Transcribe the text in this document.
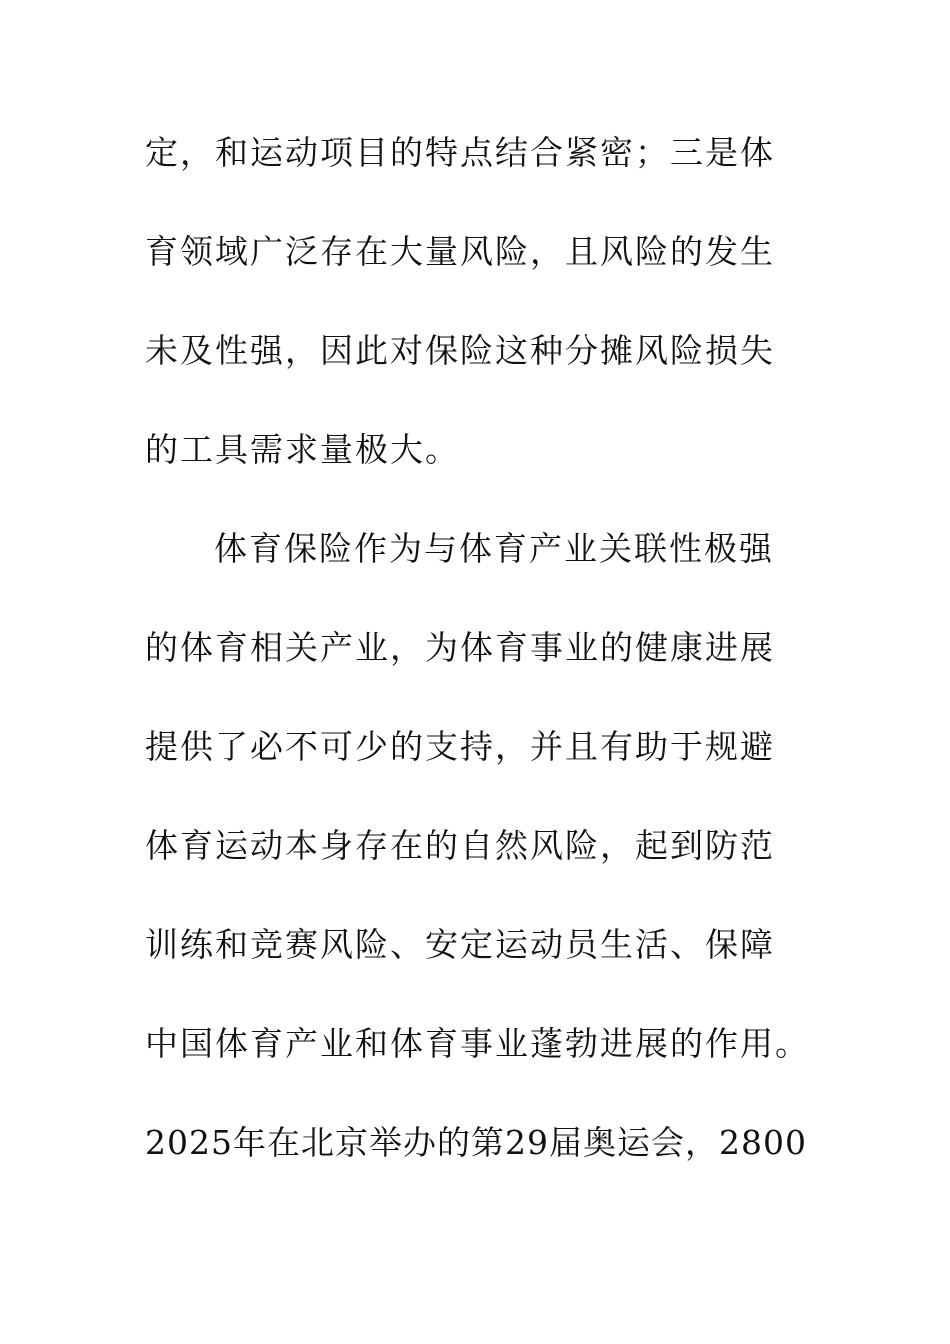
定，和运动项目的特点结合紧密；三是体
育领域广泛存在大量风险，且风险的发生
未及性强，因此对保险这种分摊风险损失
的工具需求量极大。
体育保险作为与体育产业关联性极强
的体育相关产业，为体育事业的健康进展
提供了必不可少的支持，并且有助于规避
体育运动本身存在的自然风险，起到防范
训练和竞赛风险、安定运动员生活、保障
中国体育产业和体育事业蓬勃进展的作用。
2025年在北京举办的第29届奥运会，2800
